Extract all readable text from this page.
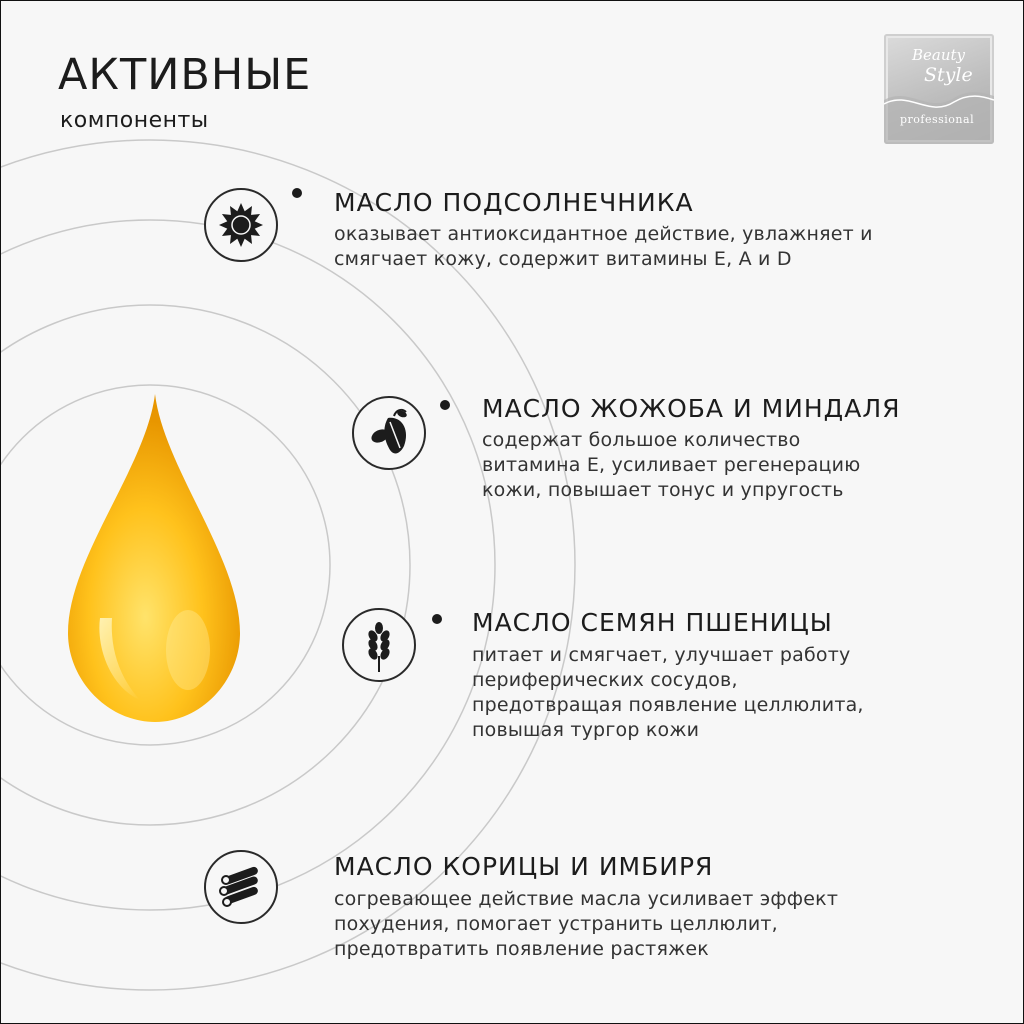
АКТИВНЫЕ
компоненты
Beauty
Style
professional
МАСЛО ПОДСОЛНЕЧНИКА
оказывает антиоксидантное действие, увлажняет и
смягчает кожу, содержит витамины Е, А и D
МАСЛО ЖОЖОБА И МИНДАЛЯ
содержат большое количество
витамина Е, усиливает регенерацию
кожи, повышает тонус и упругость
МАСЛО СЕМЯН ПШЕНИЦЫ
питает и смягчает, улучшает работу
периферических сосудов,
предотвращая появление целлюлита,
повышая тургор кожи
МАСЛО КОРИЦЫ И ИМБИРЯ
согревающее действие масла усиливает эффект
похудения, помогает устранить целлюлит,
предотвратить появление растяжек
